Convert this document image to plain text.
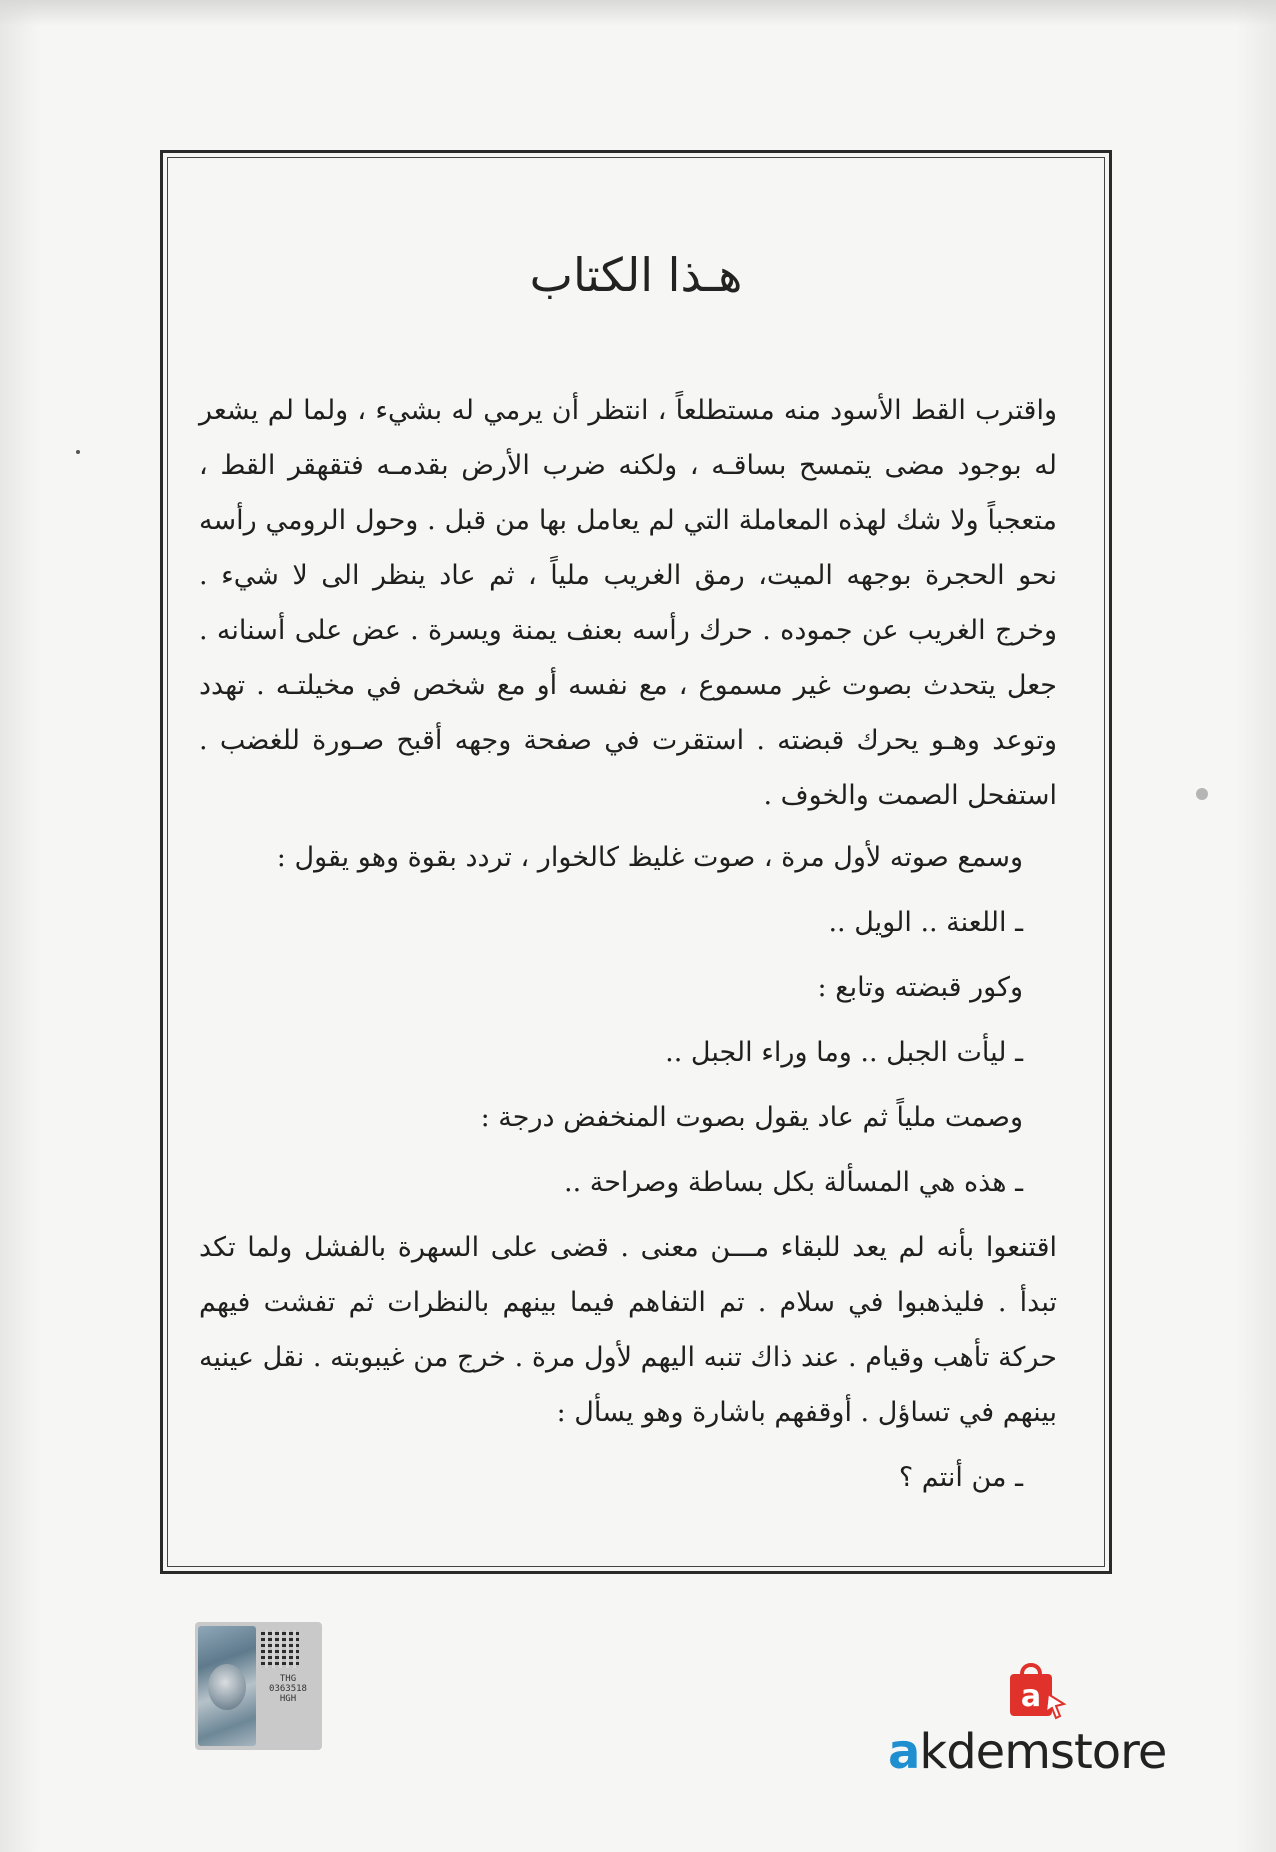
هـذا الكتاب

واقترب القط الأسود منه مستطلعاً ، انتظر أن يرمي له بشيء ، ولما لم يشعر له بوجود مضى يتمسح بساقـه ، ولكنه ضرب الأرض بقدمـه فتقهقر القط ، متعجباً ولا شك لهذه المعاملة التي لم يعامل بها من قبل . وحول الرومي رأسه نحو الحجرة بوجهه الميت، رمق الغريب ملياً ، ثم عاد ينظر الى لا شيء . وخرج الغريب عن جموده . حرك رأسه بعنف يمنة ويسرة . عض على أسنانه . جعل يتحدث بصوت غير مسموع ، مع نفسه أو مع شخص في مخيلتـه . تهدد وتوعد وهـو يحرك قبضته . استقرت في صفحة وجهه أقبح صـورة للغضب . استفحل الصمت والخوف .

وسمع صوته لأول مرة ، صوت غليظ كالخوار ، تردد بقوة وهو يقول :

ـ اللعنة .. الويل ..

وكور قبضته وتابع :

ـ ليأت الجبل .. وما وراء الجبل ..

وصمت ملياً ثم عاد يقول بصوت المنخفض درجة :

ـ هذه هي المسألة بكل بساطة وصراحة ..

اقتنعوا بأنه لم يعد للبقاء مـــن معنى . قضى على السهرة بالفشل ولما تكد تبدأ . فليذهبوا في سلام . تم التفاهم فيما بينهم بالنظرات ثم تفشت فيهم حركة تأهب وقيام . عند ذاك تنبه اليهم لأول مرة . خرج من غيبوبته . نقل عينيه بينهم في تساؤل . أوقفهم باشارة وهو يسأل :

ـ من أنتم ؟

THG
0363518
HGH	a
akdemstore
